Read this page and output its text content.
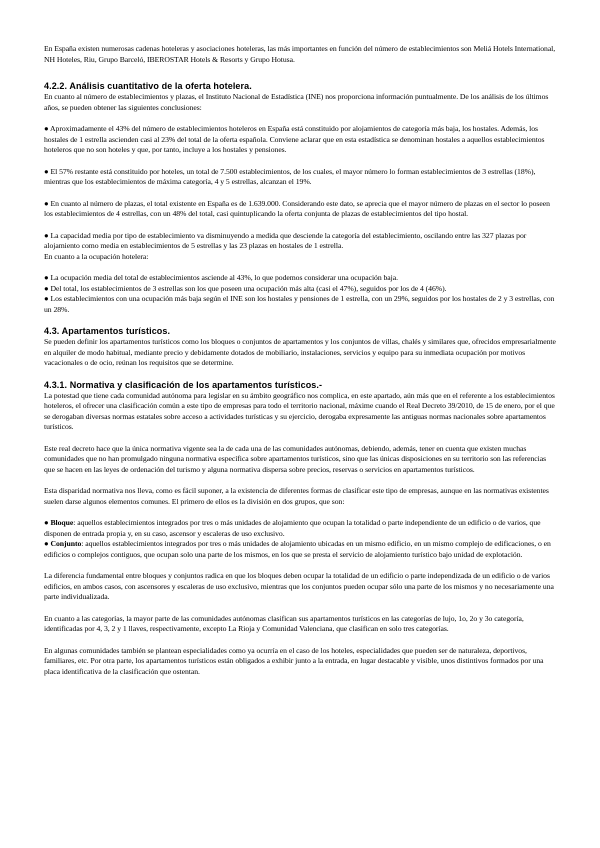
En España existen numerosas cadenas hoteleras y asociaciones hoteleras, las más importantes en función del número de establecimientos son Meliá Hotels International, NH Hoteles, Riu, Grupo Barceló, IBEROSTAR Hotels & Resorts y Grupo Hotusa.

4.2.2. Análisis cuantitativo de la oferta hotelera.

En cuanto al número de establecimientos y plazas, el Instituto Nacional de Estadística (INE) nos proporciona información puntualmente. De los análisis de los últimos años, se pueden obtener las siguientes conclusiones:

● Aproximadamente el 43% del número de establecimientos hoteleros en España está constituido por alojamientos de categoría más baja, los hostales. Además, los hostales de 1 estrella ascienden casi al 23% del total de la oferta española. Conviene aclarar que en esta estadística se denominan hostales a aquellos establecimientos hoteleros que no son hoteles y que, por tanto, incluye a los hostales y pensiones.

● El 57% restante está constituido por hoteles, un total de 7.500 establecimientos, de los cuales, el mayor número lo forman establecimientos de 3 estrellas (18%), mientras que los establecimientos de máxima categoría, 4 y 5 estrellas, alcanzan el 19%.

● En cuanto al número de plazas, el total existente en España es de 1.639.000. Considerando este dato, se aprecia que el mayor número de plazas en el sector lo poseen los establecimientos de 4 estrellas, con un 48% del total, casi quintuplicando la oferta conjunta de plazas de establecimientos del tipo hostal.

● La capacidad media por tipo de establecimiento va disminuyendo a medida que desciende la categoría del establecimiento, oscilando entre las 327 plazas por alojamiento como media en establecimientos de 5 estrellas y las 23 plazas en hostales de 1 estrella.

En cuanto a la ocupación hotelera:

● La ocupación media del total de establecimientos asciende al 43%, lo que podemos considerar una ocupación baja.

● Del total, los establecimientos de 3 estrellas son los que poseen una ocupación más alta (casi el 47%), seguidos por los de 4 (46%).

● Los establecimientos con una ocupación más baja según el INE son los hostales y pensiones de 1 estrella, con un 29%, seguidos por los hostales de 2 y 3 estrellas, con un 28%.

4.3. Apartamentos turísticos.

Se pueden definir los apartamentos turísticos como los bloques o conjuntos de apartamentos y los conjuntos de villas, chalés y similares que, ofrecidos empresarialmente en alquiler de modo habitual, mediante precio y debidamente dotados de mobiliario, instalaciones, servicios y equipo para su inmediata ocupación por motivos vacacionales o de ocio, reúnan los requisitos que se determine.

4.3.1. Normativa y clasificación de los apartamentos turísticos.-

La potestad que tiene cada comunidad autónoma para legislar en su ámbito geográfico nos complica, en este apartado, aún más que en el referente a los establecimientos hoteleros, el ofrecer una clasificación común a este tipo de empresas para todo el territorio nacional, máxime cuando el Real Decreto 39/2010, de 15 de enero, por el que se derogaban diversas normas estatales sobre acceso a actividades turísticas y su ejercicio, derogaba expresamente las antiguas normas nacionales sobre apartamentos turísticos.

Este real decreto hace que la única normativa vigente sea la de cada una de las comunidades autónomas, debiendo, además, tener en cuenta que existen muchas comunidades que no han promulgado ninguna normativa específica sobre apartamentos turísticos, sino que las únicas disposiciones en su territorio son las referencias que se hacen en las leyes de ordenación del turismo y alguna normativa dispersa sobre precios, reservas o servicios en apartamentos turísticos.

Esta disparidad normativa nos lleva, como es fácil suponer, a la existencia de diferentes formas de clasificar este tipo de empresas, aunque en las normativas existentes suelen darse algunos elementos comunes. El primero de ellos es la división en dos grupos, que son:

● Bloque: aquellos establecimientos integrados por tres o más unidades de alojamiento que ocupan la totalidad o parte independiente de un edificio o de varios, que disponen de entrada propia y, en su caso, ascensor y escaleras de uso exclusivo.

● Conjunto: aquellos establecimientos integrados por tres o más unidades de alojamiento ubicadas en un mismo edificio, en un mismo complejo de edificaciones, o en edificios o complejos contiguos, que ocupan solo una parte de los mismos, en los que se presta el servicio de alojamiento turístico bajo unidad de explotación.

La diferencia fundamental entre bloques y conjuntos radica en que los bloques deben ocupar la totalidad de un edificio o parte independizada de un edificio o de varios edificios, en ambos casos, con ascensores y escaleras de uso exclusivo, mientras que los conjuntos pueden ocupar sólo una parte de los mismos y no necesariamente una parte individualizada.

En cuanto a las categorías, la mayor parte de las comunidades autónomas clasifican sus apartamentos turísticos en las categorías de lujo, 1o, 2o y 3o categoría, identificadas por 4, 3, 2 y 1 llaves, respectivamente, excepto La Rioja y Comunidad Valenciana, que clasifican en solo tres categorías.

En algunas comunidades también se plantean especialidades como ya ocurría en el caso de los hoteles, especialidades que pueden ser de naturaleza, deportivos, familiares, etc. Por otra parte, los apartamentos turísticos están obligados a exhibir junto a la entrada, en lugar destacable y visible, unos distintivos formados por una placa identificativa de la clasificación que ostentan.
